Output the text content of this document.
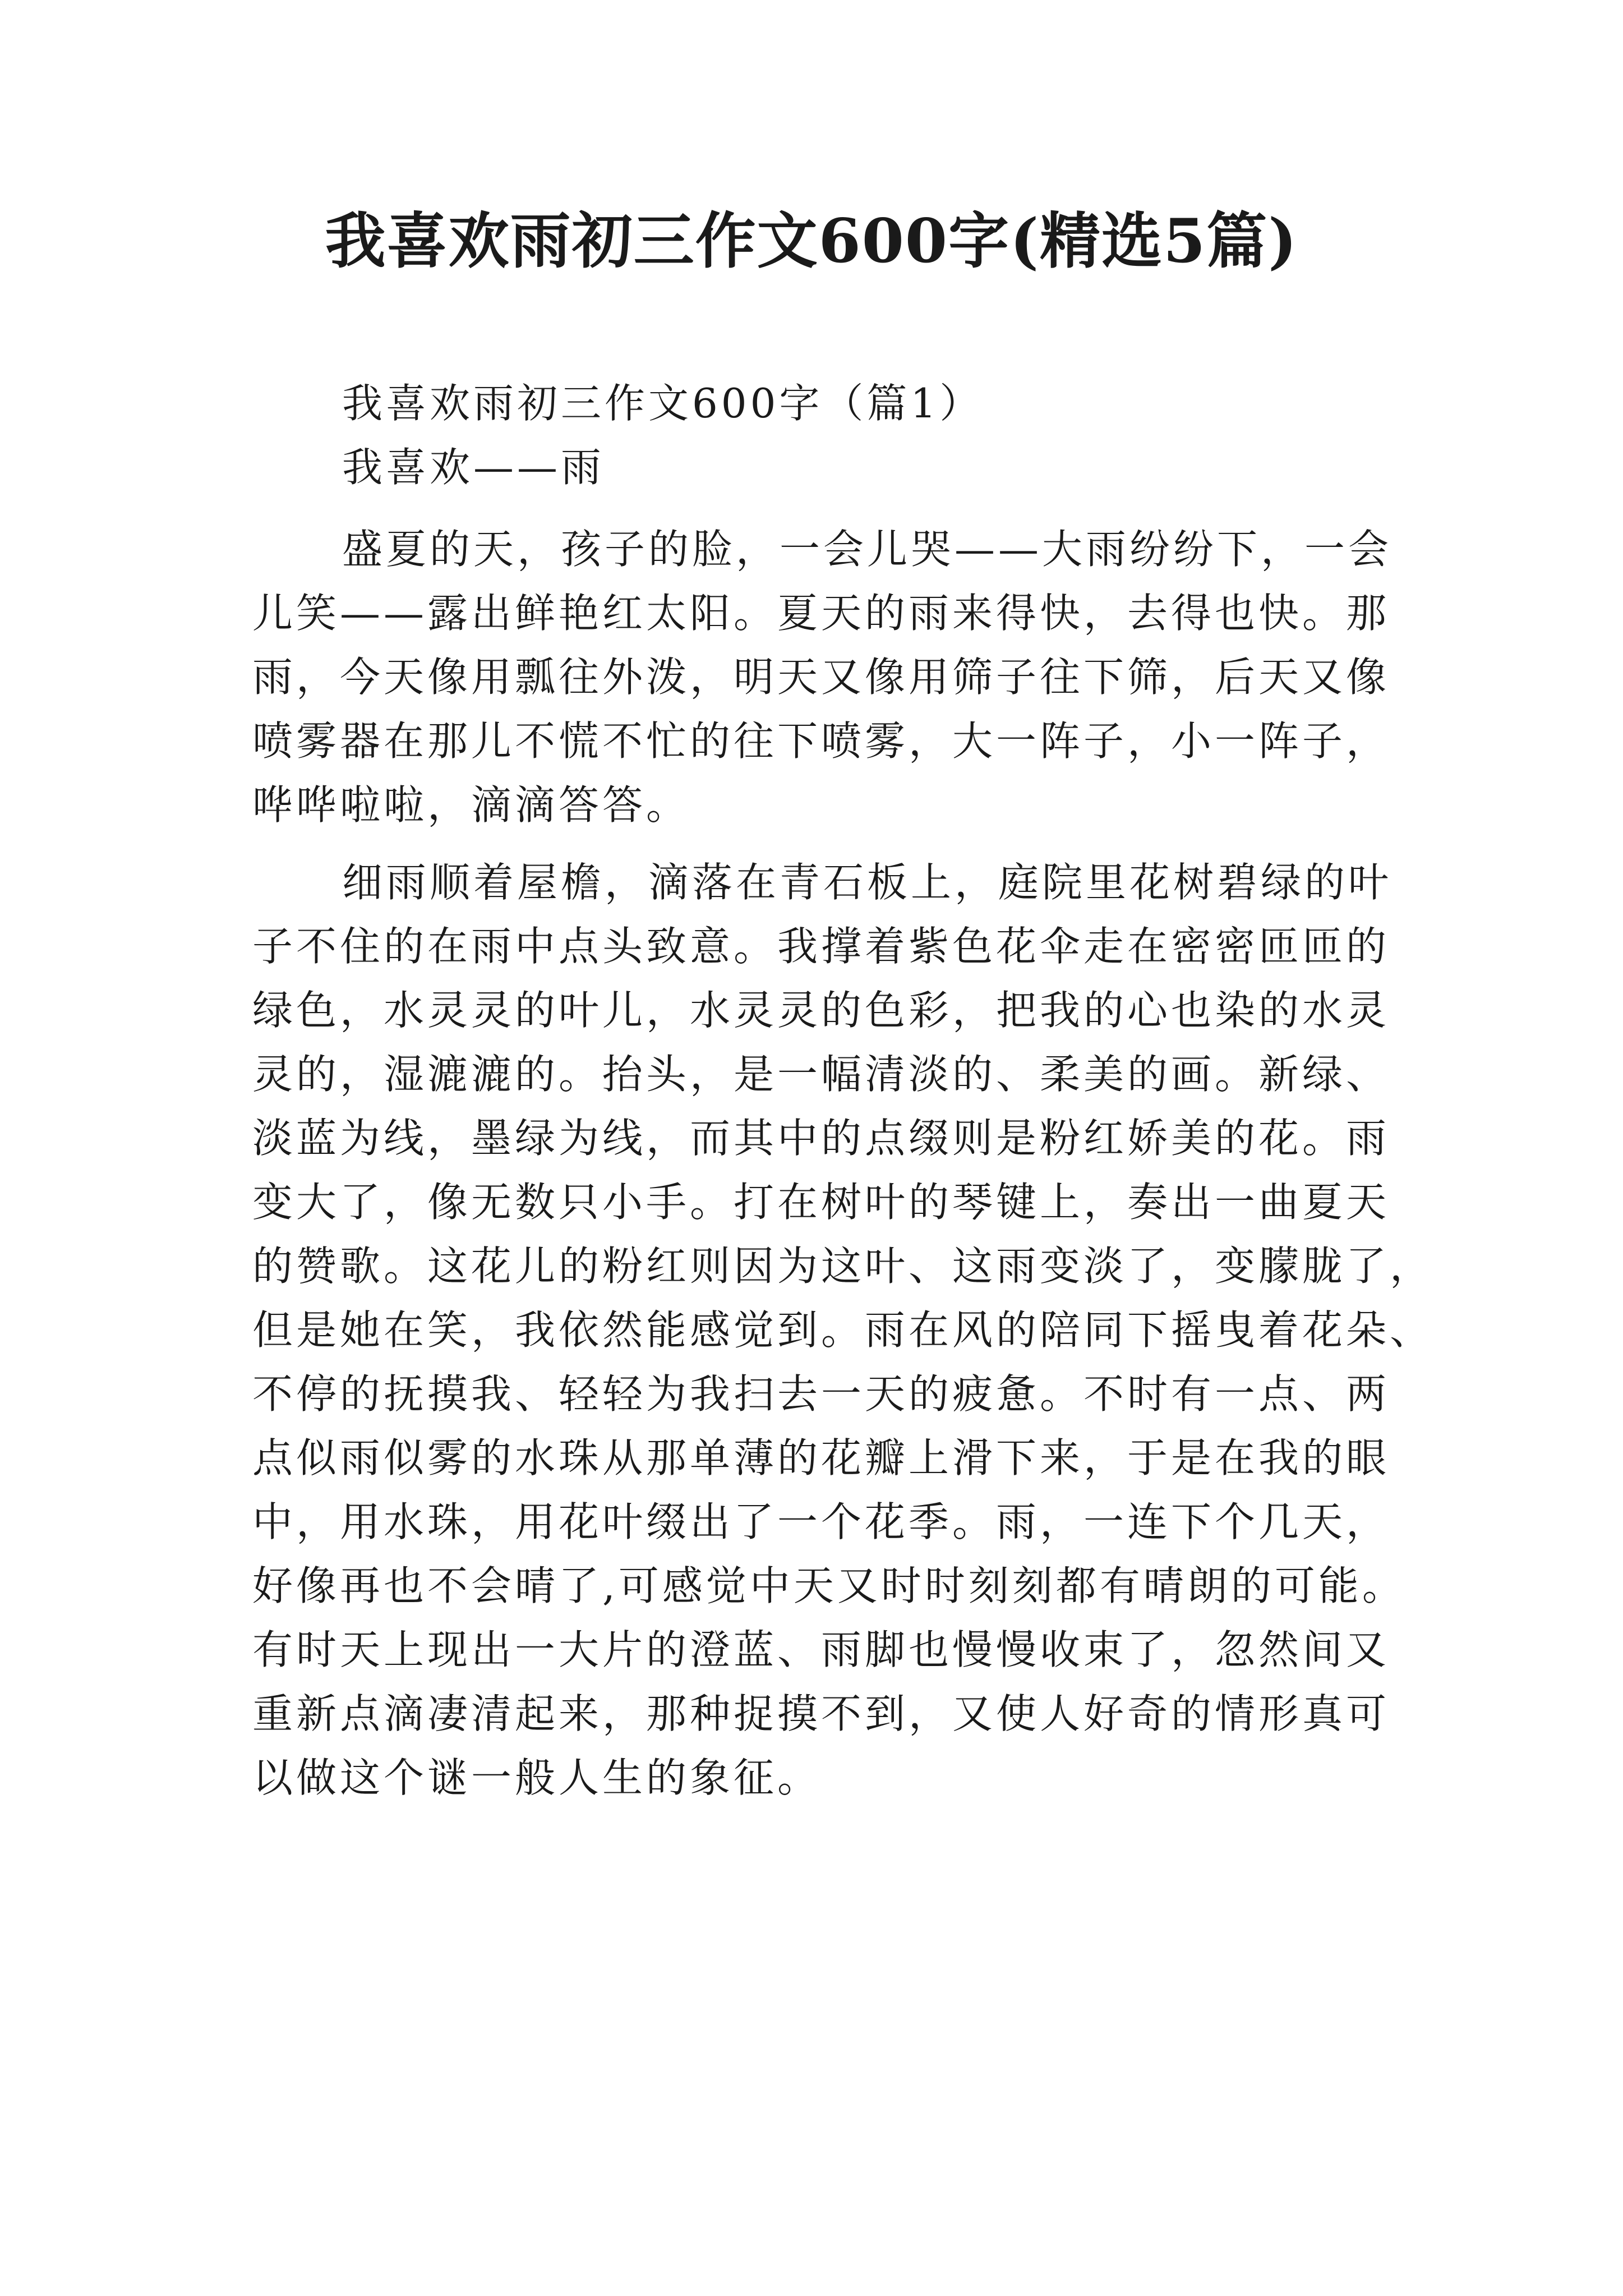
我喜欢雨初三作文600字(精选5篇)

我喜欢雨初三作文600字（篇1）

我喜欢——雨

盛夏的天，孩子的脸，一会儿哭——大雨纷纷下，一会

儿笑——露出鲜艳红太阳。夏天的雨来得快，去得也快。那

雨，今天像用瓢往外泼，明天又像用筛子往下筛，后天又像

喷雾器在那儿不慌不忙的往下喷雾，大一阵子，小一阵子，

哗哗啦啦，滴滴答答。

细雨顺着屋檐，滴落在青石板上，庭院里花树碧绿的叶

子不住的在雨中点头致意。我撑着紫色花伞走在密密匝匝的

绿色，水灵灵的叶儿，水灵灵的色彩，把我的心也染的水灵

灵的，湿漉漉的。抬头，是一幅清淡的、柔美的画。新绿、

淡蓝为线，墨绿为线，而其中的点缀则是粉红娇美的花。雨

变大了，像无数只小手。打在树叶的琴键上，奏出一曲夏天

的赞歌。这花儿的粉红则因为这叶、这雨变淡了，变朦胧了，

但是她在笑，我依然能感觉到。雨在风的陪同下摇曳着花朵、

不停的抚摸我、轻轻为我扫去一天的疲惫。不时有一点、两

点似雨似雾的水珠从那单薄的花瓣上滑下来，于是在我的眼

中，用水珠，用花叶缀出了一个花季。雨，一连下个几天，

好像再也不会晴了,可感觉中天又时时刻刻都有晴朗的可能。

有时天上现出一大片的澄蓝、雨脚也慢慢收束了，忽然间又

重新点滴凄清起来，那种捉摸不到，又使人好奇的情形真可

以做这个谜一般人生的象征。
